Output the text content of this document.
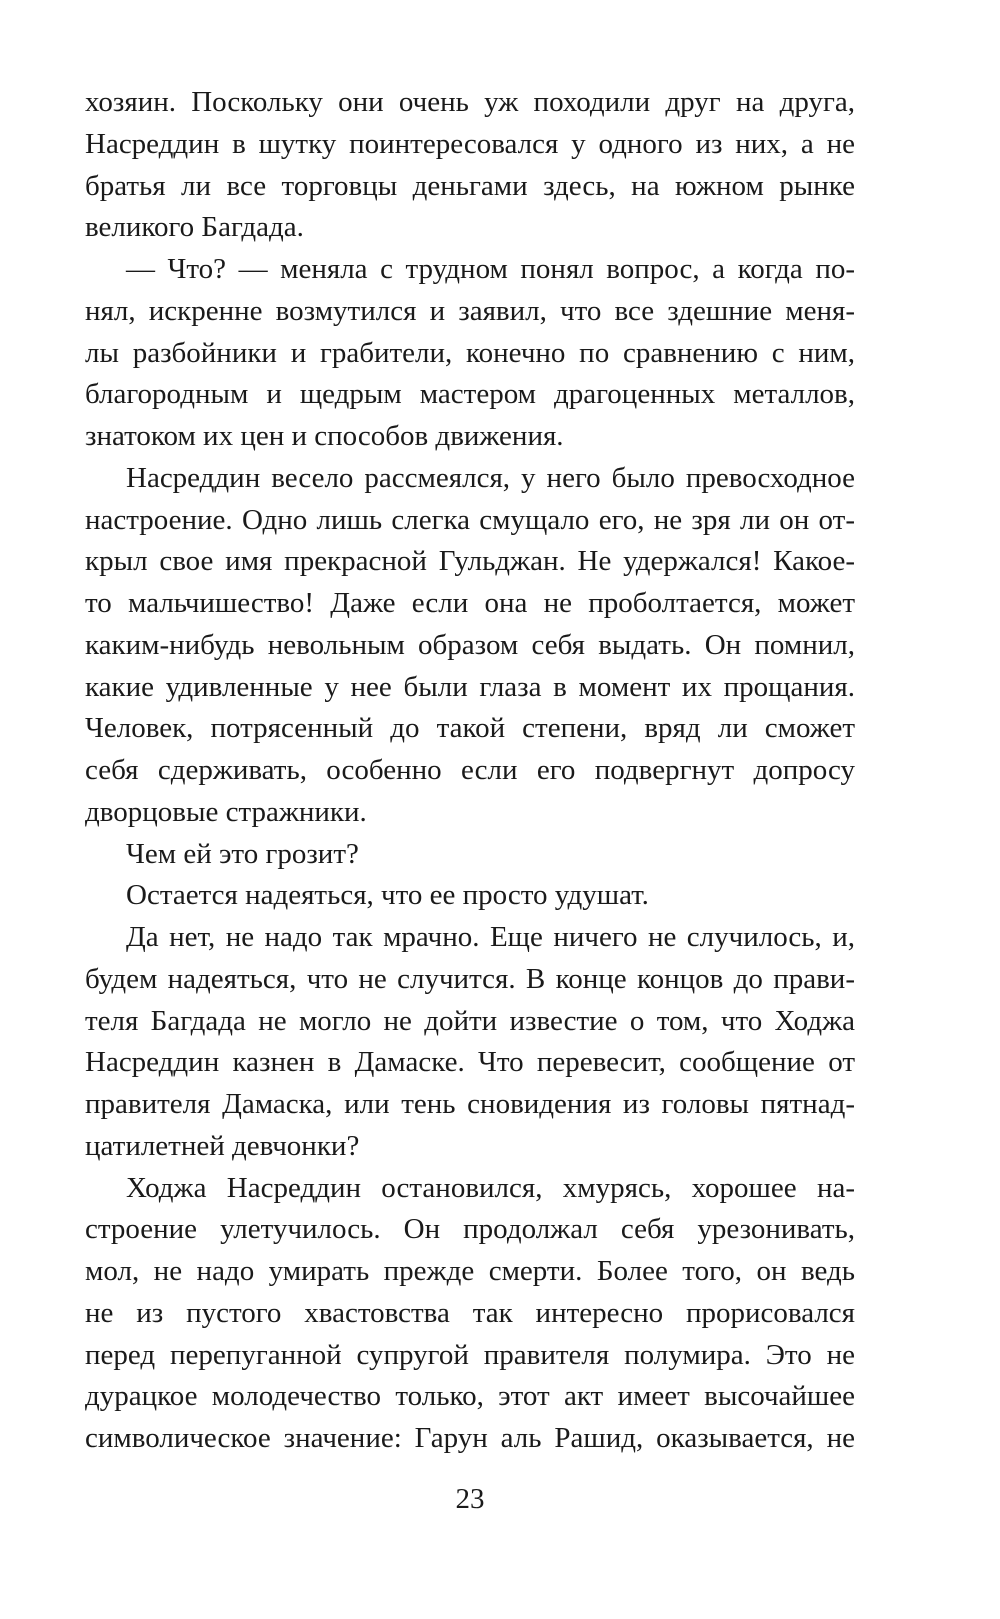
хозяин. Поскольку они очень уж походили друг на друга,
Насреддин в шутку поинтересовался у одного из них, а не
братья ли все торговцы деньгами здесь, на южном рынке
великого Багдада.
— Что? — меняла с трудном понял вопрос, а когда по-
нял, искренне возмутился и заявил, что все здешние меня-
лы разбойники и грабители, конечно по сравнению с ним,
благородным и щедрым мастером драгоценных металлов,
знатоком их цен и способов движения.
Насреддин весело рассмеялся, у него было превосходное
настроение. Одно лишь слегка смущало его, не зря ли он от-
крыл свое имя прекрасной Гульджан. Не удержался! Какое-
то мальчишество! Даже если она не проболтается, может
каким-нибудь невольным образом себя выдать. Он помнил,
какие удивленные у нее были глаза в момент их прощания.
Человек, потрясенный до такой степени, вряд ли сможет
себя сдерживать, особенно если его подвергнут допросу
дворцовые стражники.
Чем ей это грозит?
Остается надеяться, что ее просто удушат.
Да нет, не надо так мрачно. Еще ничего не случилось, и,
будем надеяться, что не случится. В конце концов до прави-
теля Багдада не могло не дойти известие о том, что Ходжа
Насреддин казнен в Дамаске. Что перевесит, сообщение от
правителя Дамаска, или тень сновидения из головы пятнад-
цатилетней девчонки?
Ходжа Насреддин остановился, хмурясь, хорошее на-
строение улетучилось. Он продолжал себя урезонивать,
мол, не надо умирать прежде смерти. Более того, он ведь
не из пустого хвастовства так интересно прорисовался
перед перепуганной супругой правителя полумира. Это не
дурацкое молодечество только, этот акт имеет высочайшее
символическое значение: Гарун аль Рашид, оказывается, не
23
